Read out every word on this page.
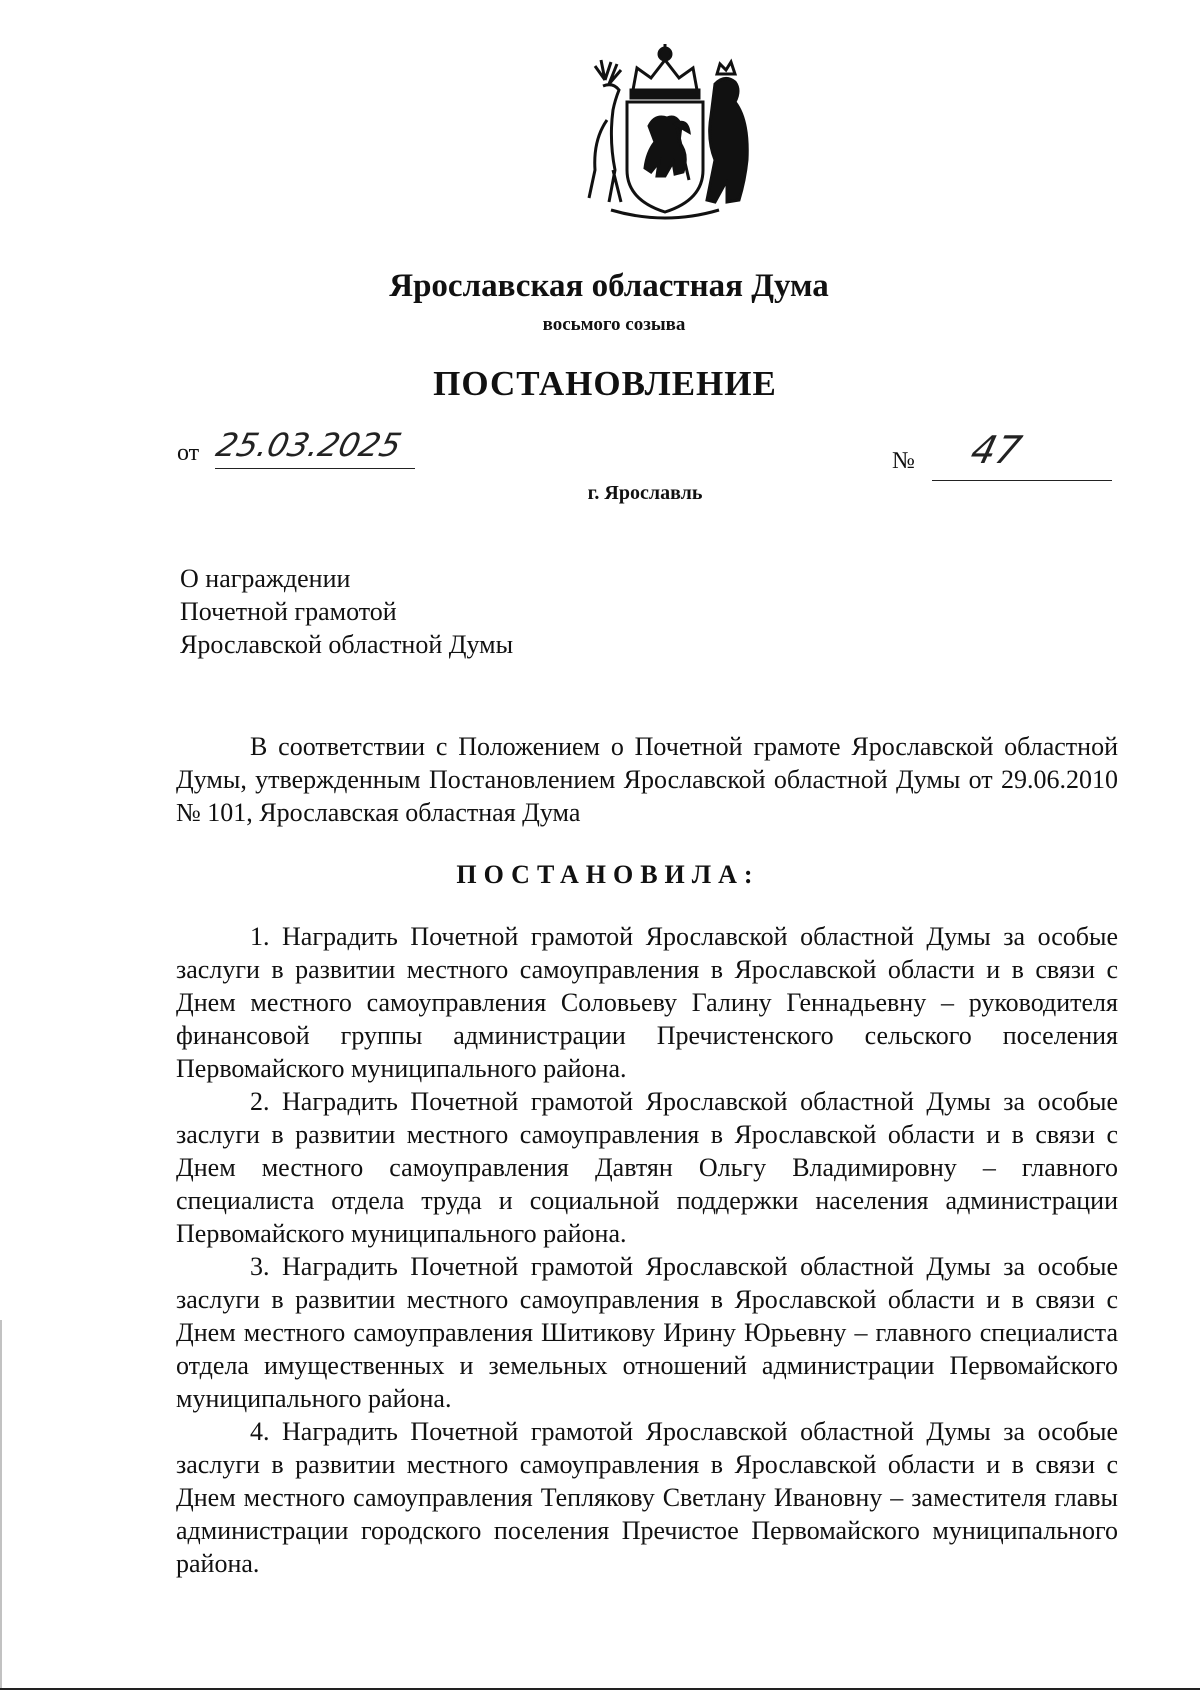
Ярославская областная Дума
восьмого созыва
ПОСТАНОВЛЕНИЕ
от 25.03.2025	№ 47
г. Ярославль
О награждении
Почетной грамотой
Ярославской областной Думы
В соответствии с Положением о Почетной грамоте Ярославской областной Думы, утвержденным Постановлением Ярославской областной Думы от 29.06.2010 № 101, Ярославская областная Дума
ПОСТАНОВИЛА:

1. Наградить Почетной грамотой Ярославской областной Думы за особые заслуги в развитии местного самоуправления в Ярославской области и в связи с Днем местного самоуправления Соловьеву Галину Геннадьевну – руководителя финансовой группы администрации Пречистенского сельского поселения Первомайского муниципального района.

2. Наградить Почетной грамотой Ярославской областной Думы за особые заслуги в развитии местного самоуправления в Ярославской области и в связи с Днем местного самоуправления Давтян Ольгу Владимировну – главного специалиста отдела труда и социальной поддержки населения администрации Первомайского муниципального района.

3. Наградить Почетной грамотой Ярославской областной Думы за особые заслуги в развитии местного самоуправления в Ярославской области и в связи с Днем местного самоуправления Шитикову Ирину Юрьевну – главного специалиста отдела имущественных и земельных отношений администрации Первомайского муниципального района.

4. Наградить Почетной грамотой Ярославской областной Думы за особые заслуги в развитии местного самоуправления в Ярославской области и в связи с Днем местного самоуправления Теплякову Светлану Ивановну – заместителя главы администрации городского поселения Пречистое Первомайского муниципального района.
